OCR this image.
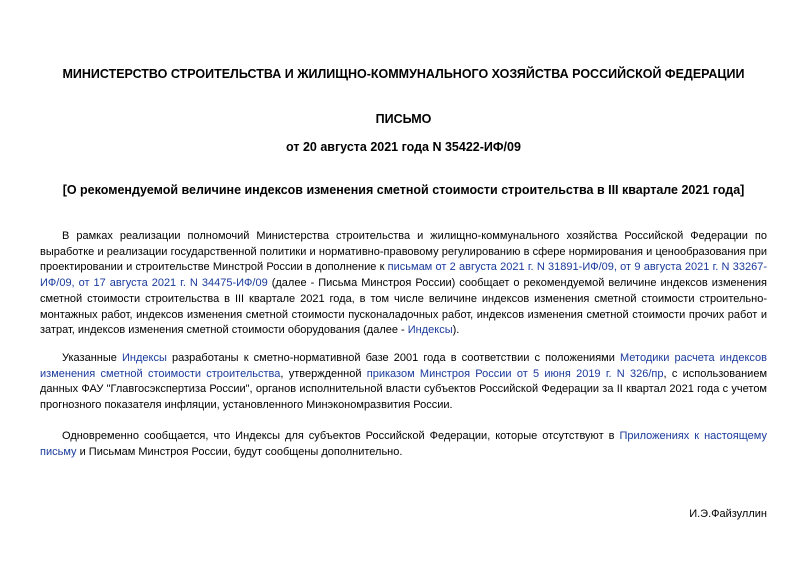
МИНИСТЕРСТВО СТРОИТЕЛЬСТВА И ЖИЛИЩНО-КОММУНАЛЬНОГО ХОЗЯЙСТВА РОССИЙСКОЙ ФЕДЕРАЦИИ
ПИСЬМО
от 20 августа 2021 года N 35422-ИФ/09
[О рекомендуемой величине индексов изменения сметной стоимости строительства в III квартале 2021 года]

В рамках реализации полномочий Министерства строительства и жилищно-коммунального хозяйства Российской Федерации по выработке и реализации государственной политики и нормативно-правовому регулированию в сфере нормирования и ценообразования при проектировании и строительстве Минстрой России в дополнение к письмам от 2 августа 2021 г. N 31891-ИФ/09, от 9 августа 2021 г. N 33267-ИФ/09, от 17 августа 2021 г. N 34475-ИФ/09 (далее - Письма Минстроя России) сообщает о рекомендуемой величине индексов изменения сметной стоимости строительства в III квартале 2021 года, в том числе величине индексов изменения сметной стоимости строительно-монтажных работ, индексов изменения сметной стоимости пусконаладочных работ, индексов изменения сметной стоимости прочих работ и затрат, индексов изменения сметной стоимости оборудования (далее - Индексы).

Указанные Индексы разработаны к сметно-нормативной базе 2001 года в соответствии с положениями Методики расчета индексов изменения сметной стоимости строительства, утвержденной приказом Минстроя России от 5 июня 2019 г. N 326/пр, с использованием данных ФАУ "Главгосэкспертиза России", органов исполнительной власти субъектов Российской Федерации за II квартал 2021 года с учетом прогнозного показателя инфляции, установленного Минэкономразвития России.

Одновременно сообщается, что Индексы для субъектов Российской Федерации, которые отсутствуют в Приложениях к настоящему письму и Письмам Минстроя России, будут сообщены дополнительно.

И.Э.Файзуллин
